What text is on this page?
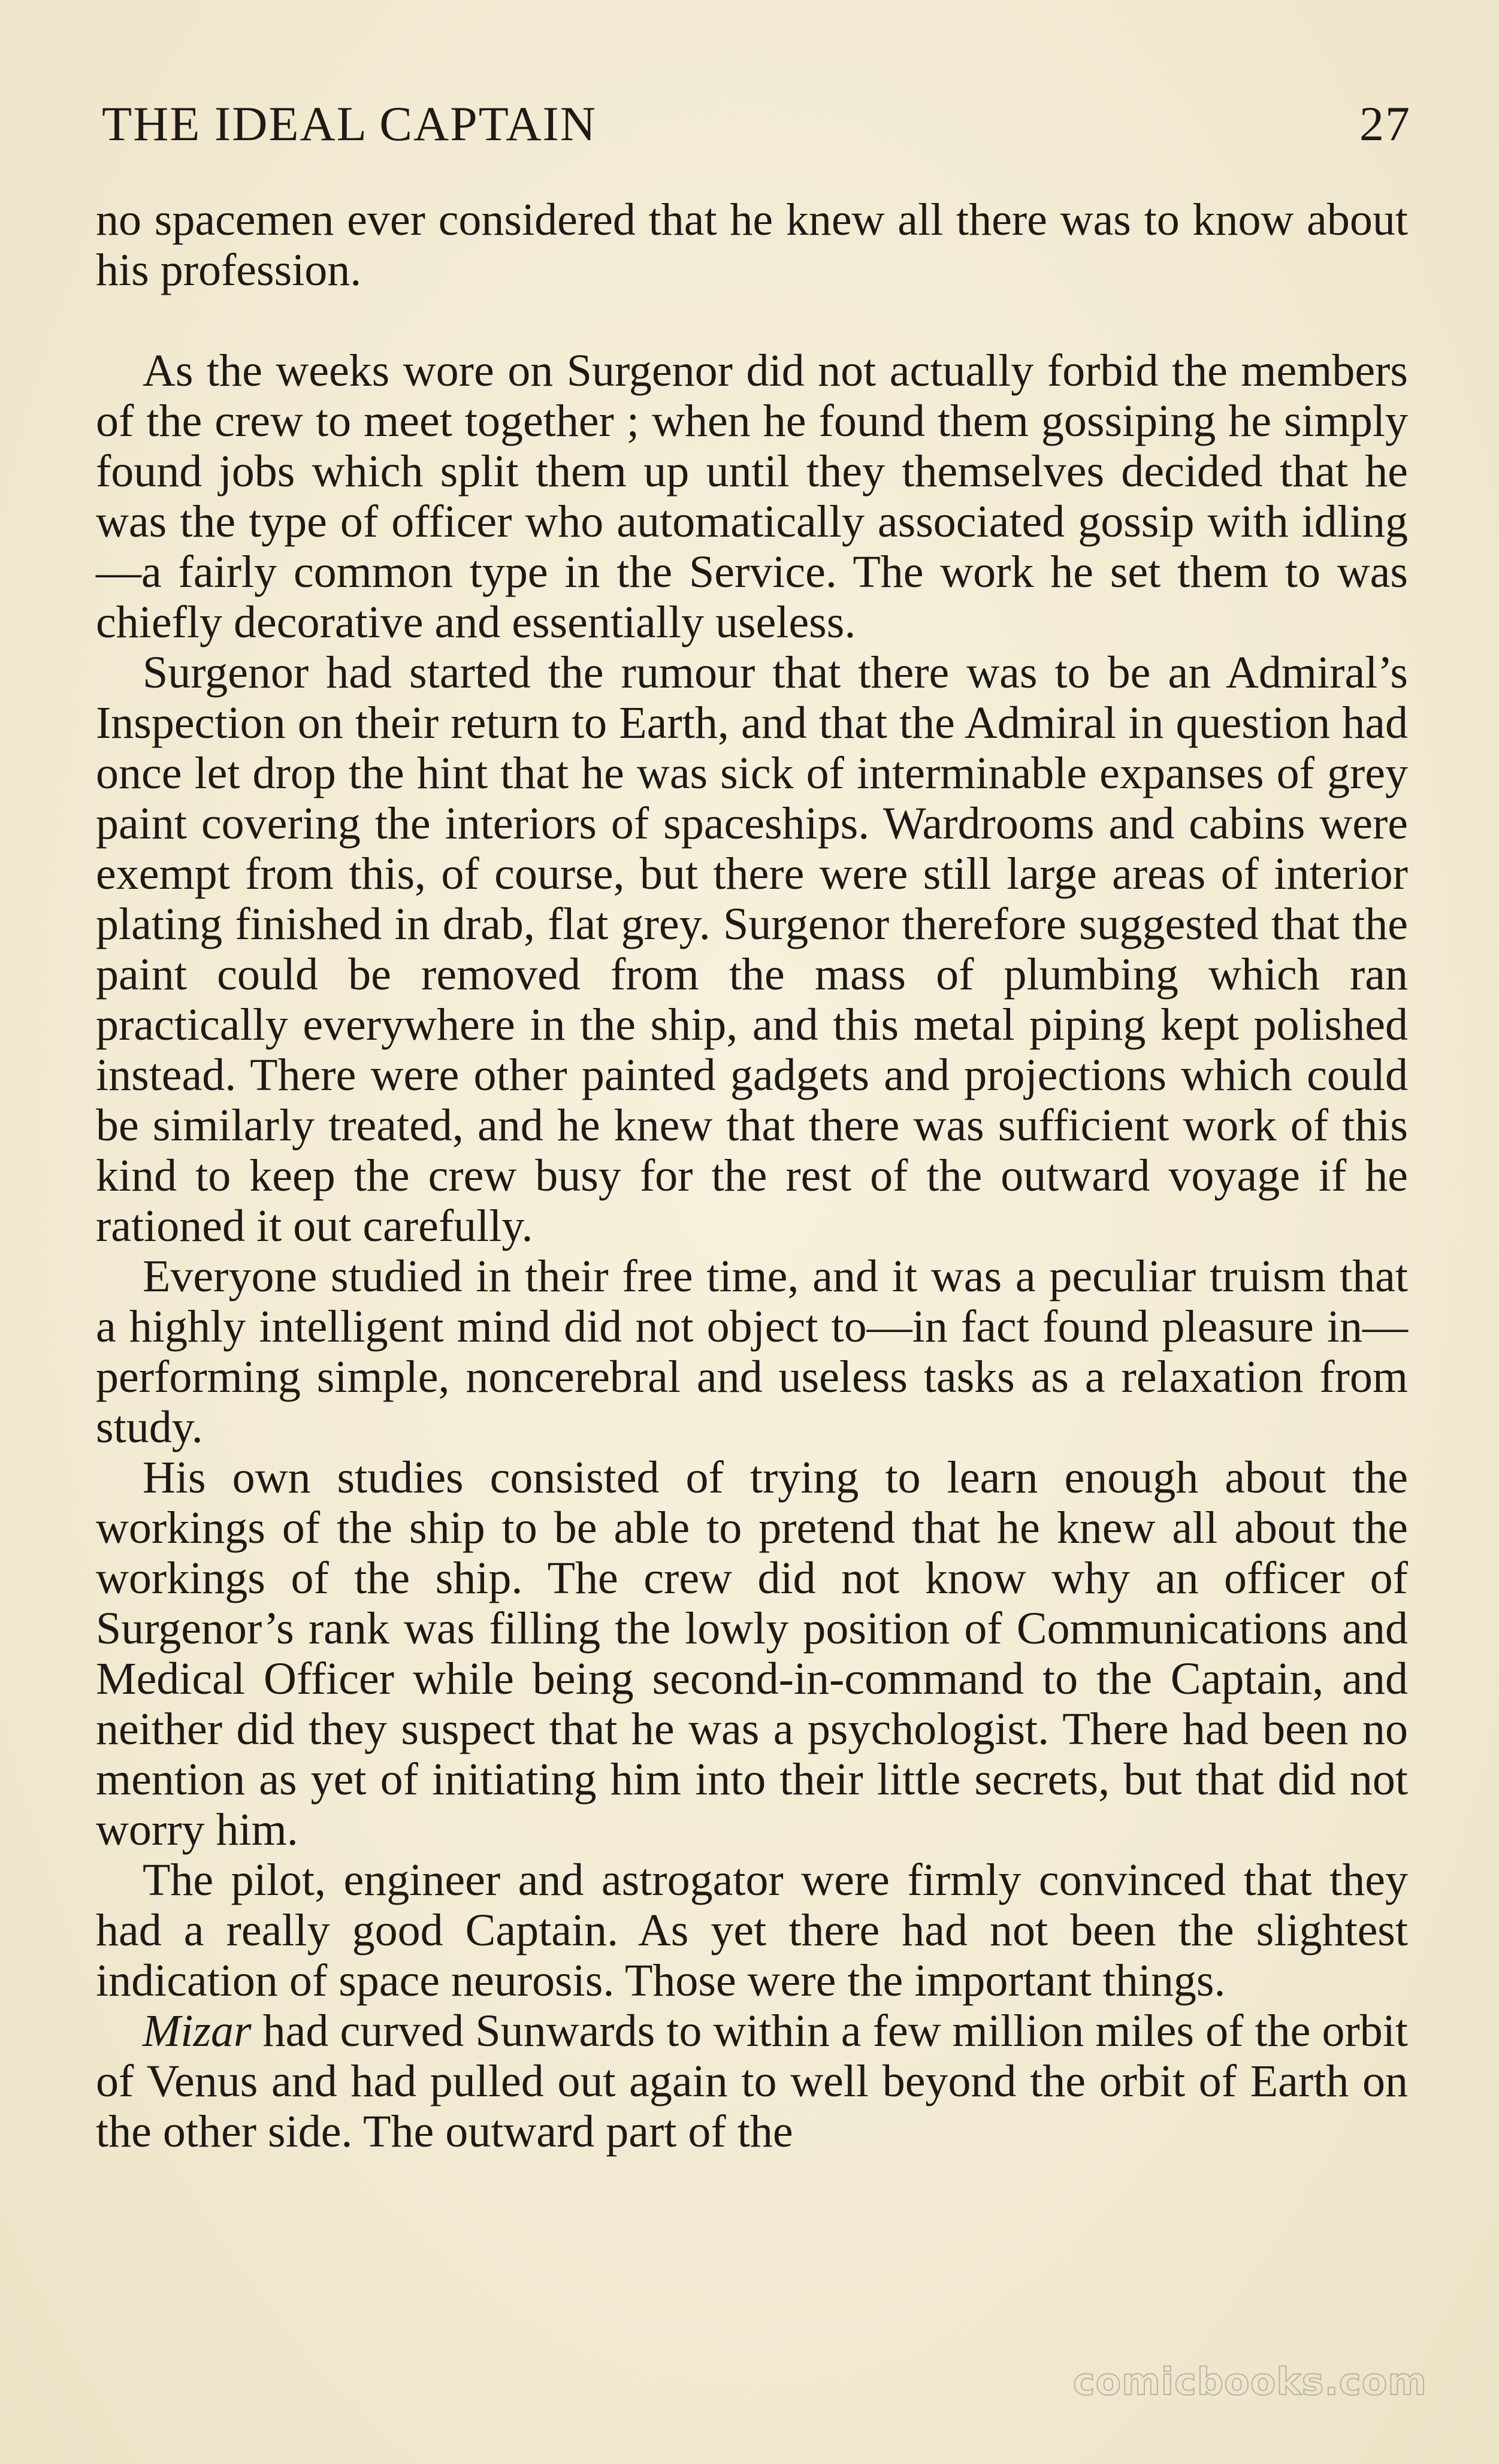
THE IDEAL CAPTAIN	27

no spacemen ever considered that he knew all there was to know about his profession.

As the weeks wore on Surgenor did not actually forbid the members of the crew to meet together ; when he found them gossiping he simply found jobs which split them up until they themselves decided that he was the type of officer who automatically associated gossip with idling—a fairly common type in the Service. The work he set them to was chiefly decorative and essentially useless.

Surgenor had started the rumour that there was to be an Admiral’s Inspection on their return to Earth, and that the Admiral in question had once let drop the hint that he was sick of interminable expanses of grey paint covering the interiors of spaceships. Wardrooms and cabins were exempt from this, of course, but there were still large areas of interior plating finished in drab, flat grey. Surgenor therefore suggested that the paint could be removed from the mass of plumbing which ran practically everywhere in the ship, and this metal piping kept polished instead. There were other painted gadgets and projections which could be similarly treated, and he knew that there was sufficient work of this kind to keep the crew busy for the rest of the outward voyage if he rationed it out carefully.

Everyone studied in their free time, and it was a peculiar truism that a highly intelligent mind did not object to—in fact found pleasure in—performing simple, noncerebral and useless tasks as a relaxation from study.

His own studies consisted of trying to learn enough about the workings of the ship to be able to pretend that he knew all about the workings of the ship. The crew did not know why an officer of Surgenor’s rank was filling the lowly position of Communications and Medical Officer while being second-in-command to the Captain, and neither did they suspect that he was a psychologist. There had been no mention as yet of initiating him into their little secrets, but that did not worry him.

The pilot, engineer and astrogator were firmly convinced that they had a really good Captain. As yet there had not been the slightest indication of space neurosis. Those were the important things.

Mizar had curved Sunwards to within a few million miles of the orbit of Venus and had pulled out again to well beyond the orbit of Earth on the other side. The outward part of the

comicbooks.com
